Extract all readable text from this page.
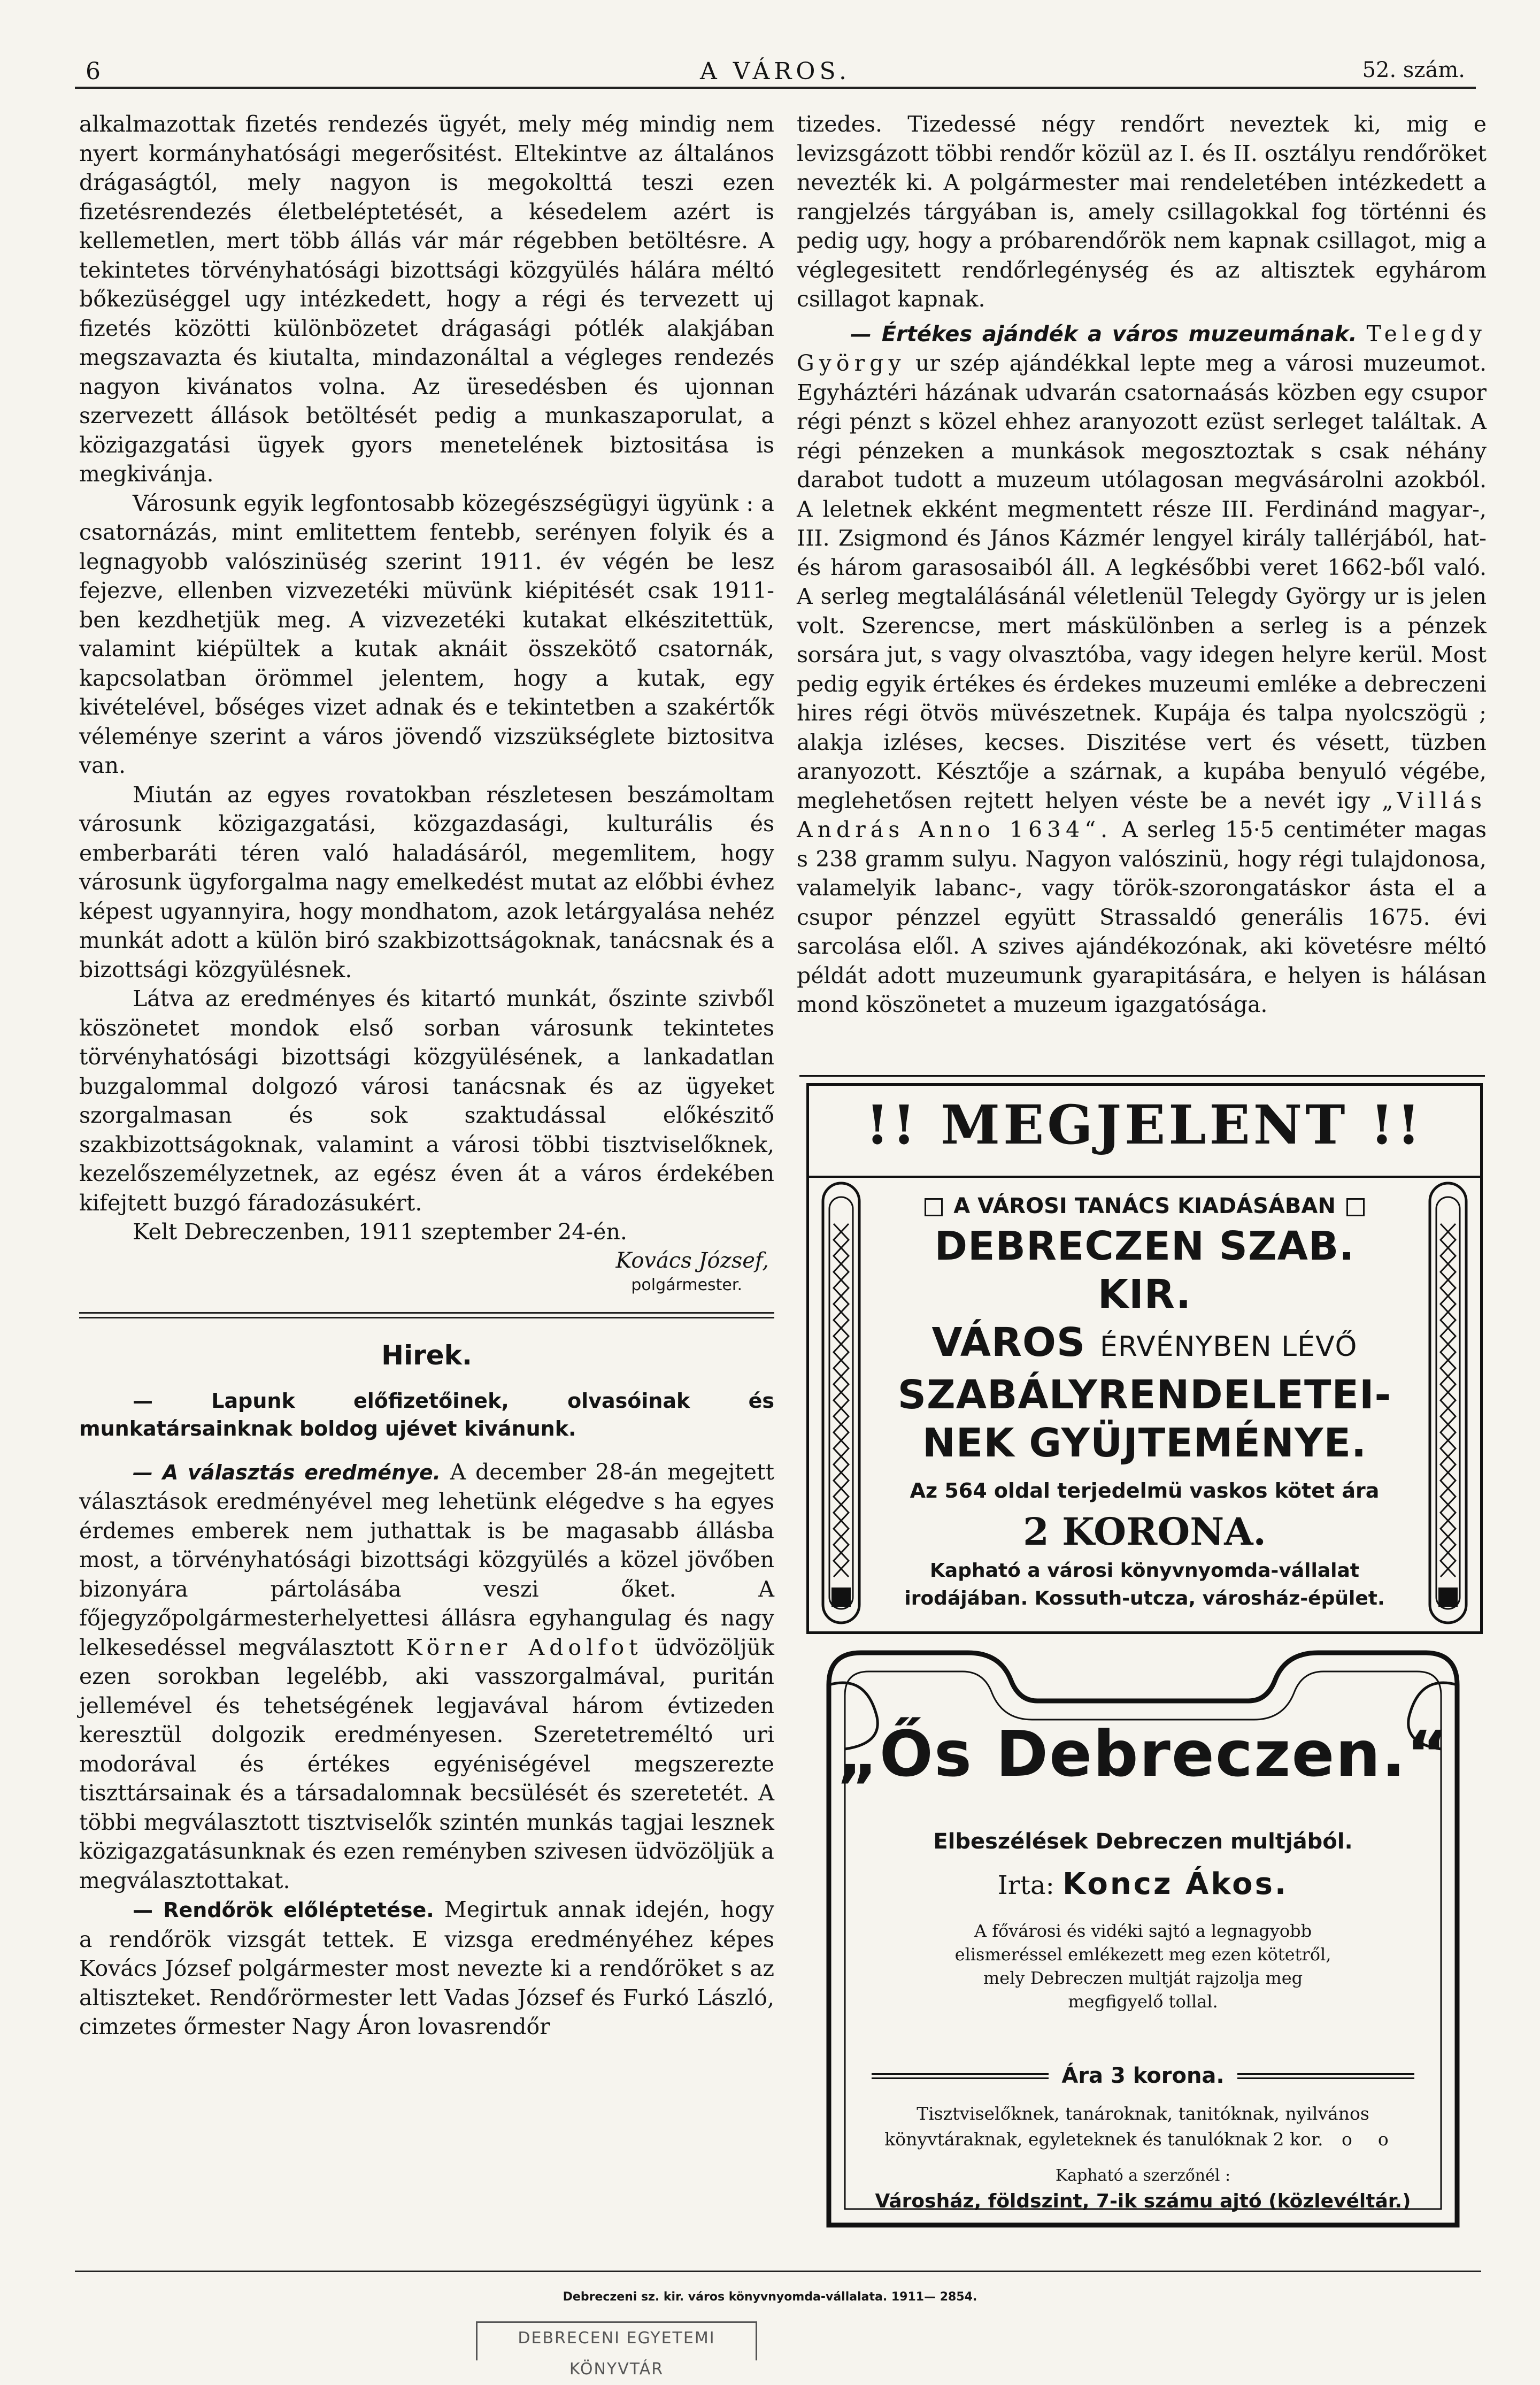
6	A VÁROS.	52. szám.

alkalmazottak fizetés rendezés ügyét, mely még mindig nem nyert kormányhatósági megerősitést. Eltekintve az általános drágaságtól, mely nagyon is megokolttá teszi ezen fizetésrendezés életbeléptetését, a késedelem azért is kellemetlen, mert több állás vár már régebben betöltésre. A tekintetes törvényhatósági bizottsági közgyülés hálára méltó bőkezüséggel ugy intézkedett, hogy a régi és tervezett uj fizetés közötti különbözetet drágasági pótlék alakjában megszavazta és kiutalta, mindazonáltal a végleges rendezés nagyon kivánatos volna. Az üresedésben és ujonnan szervezett állások betöltését pedig a munkaszaporulat, a közigazgatási ügyek gyors menetelének biztositása is megkivánja.

Városunk egyik legfontosabb közegészségügyi ügyünk : a csatornázás, mint emlitettem fentebb, serényen folyik és a legnagyobb valószinüség szerint 1911. év végén be lesz fejezve, ellenben vizvezetéki müvünk kiépitését csak 1911-ben kezdhetjük meg. A vizvezetéki kutakat elkészitettük, valamint kiépültek a kutak aknáit összekötő csatornák, kapcsolatban örömmel jelentem, hogy a kutak, egy kivételével, bőséges vizet adnak és e tekintetben a szakértők véleménye szerint a város jövendő vizszükséglete biztositva van.

Miután az egyes rovatokban részletesen beszámoltam városunk közigazgatási, közgazdasági, kulturális és emberbaráti téren való haladásáról, megemlitem, hogy városunk ügyforgalma nagy emelkedést mutat az előbbi évhez képest ugyannyira, hogy mondhatom, azok letárgyalása nehéz munkát adott a külön biró szakbizottságoknak, tanácsnak és a bizottsági közgyülésnek.

Látva az eredményes és kitartó munkát, őszinte szivből köszönetet mondok első sorban városunk tekintetes törvényhatósági bizottsági közgyülésének, a lankadatlan buzgalommal dolgozó városi tanácsnak és az ügyeket szorgalmasan és sok szaktudással előkészitő szakbizottságoknak, valamint a városi többi tisztviselőknek, kezelőszemélyzetnek, az egész éven át a város érdekében kifejtett buzgó fáradozásukért.

Kelt Debreczenben, 1911 szeptember 24-én.

Kovács József,
polgármester.
Hirek.

— Lapunk előfizetőinek, olvasóinak és munkatársainknak boldog ujévet kivánunk.

— A választás eredménye. A december 28-án megejtett választások eredményével meg lehetünk elégedve s ha egyes érdemes emberek nem juthattak is be magasabb állásba most, a törvényhatósági bizottsági közgyülés a közel jövőben bizonyára pártolásába veszi őket. A főjegyzőpolgármesterhelyettesi állásra egyhangulag és nagy lelkesedéssel megválasztott Körner Adolfot üdvözöljük ezen sorokban legelébb, aki vasszorgalmával, puritán jellemével és tehetségének legjavával három évtizeden keresztül dolgozik eredményesen. Szeretetreméltó uri modorával és értékes egyéniségével megszerezte tiszttársainak és a társadalomnak becsülését és szeretetét. A többi megválasztott tisztviselők szintén munkás tagjai lesznek közigazgatásunknak és ezen reményben szivesen üdvözöljük a megválasztottakat.

— Rendőrök előléptetése. Megirtuk annak idején, hogy a rendőrök vizsgát tettek. E vizsga eredményéhez képes Kovács József polgármester most nevezte ki a rendőröket s az altiszteket. Rendőrörmester lett Vadas József és Furkó László, cimzetes őrmester Nagy Áron lovasrendőr

tizedes. Tizedessé négy rendőrt neveztek ki, mig e levizsgázott többi rendőr közül az I. és II. osztályu rendőröket nevezték ki. A polgármester mai rendeletében intézkedett a rangjelzés tárgyában is, amely csillagokkal fog történni és pedig ugy, hogy a próbarendőrök nem kapnak csillagot, mig a véglegesitett rendőrlegénység és az altisztek egyhárom csillagot kapnak.

— Értékes ajándék a város muzeumának. Telegdy György ur szép ajándékkal lepte meg a városi muzeumot. Egyháztéri házának udvarán csatornaásás közben egy csupor régi pénzt s közel ehhez aranyozott ezüst serleget találtak. A régi pénzeken a munkások megosztoztak s csak néhány darabot tudott a muzeum utólagosan megvásárolni azokból. A leletnek ekként megmentett része III. Ferdinánd magyar-, III. Zsigmond és János Kázmér lengyel király tallérjából, hat- és három garasosaiból áll. A legkésőbbi veret 1662-ből való. A serleg megtalálásánál véletlenül Telegdy György ur is jelen volt. Szerencse, mert máskülönben a serleg is a pénzek sorsára jut, s vagy olvasztóba, vagy idegen helyre kerül. Most pedig egyik értékes és érdekes muzeumi emléke a debreczeni hires régi ötvös müvészetnek. Kupája és talpa nyolcszögü ; alakja izléses, kecses. Diszitése vert és vésett, tüzben aranyozott. Késztője a szárnak, a kupába benyuló végébe, meglehetősen rejtett helyen véste be a nevét igy „Villás András Anno 1634“. A serleg 15·5 centiméter magas s 238 gramm sulyu. Nagyon valószinü, hogy régi tulajdonosa, valamelyik labanc-, vagy török-szorongatáskor ásta el a csupor pénzzel együtt Strassaldó generális 1675. évi sarcolása elől. A szives ajándékozónak, aki követésre méltó példát adott muzeumunk gyarapitására, e helyen is hálásan mond köszönetet a muzeum igazgatósága.

!! MEGJELENT !!
A VÁROSI TANÁCS KIADÁSÁBAN
DEBRECZEN SZAB. KIR.
VÁROS ÉRVÉNYBEN LÉVŐ
SZABÁLYRENDELETEI-
NEK GYÜJTEMÉNYE.
Az 564 oldal terjedelmü vaskos kötet ára
2 KORONA.
Kapható a városi könyvnyomda-vállalat irodájában. Kossuth-utcza, városház-épület.
„Ős Debreczen.“
Elbeszélések Debreczen multjából.
Irta: Koncz Ákos.
A fővárosi és vidéki sajtó a legnagyobb elismeréssel emlékezett meg ezen kötetről, mely Debreczen multját rajzolja meg megfigyelő tollal.
Ára 3 korona.
Tisztviselőknek, tanároknak, tanitóknak, nyilvános könyvtáraknak, egyleteknek és tanulóknak 2 kor. o o
Kapható a szerzőnél :
Városház, földszint, 7-ik számu ajtó (közlevéltár.)
Debreczeni sz. kir. város könyvnyomda-vállalata. 1911— 2854.
DEBRECENI EGYETEMI KÖNYVTÁR
